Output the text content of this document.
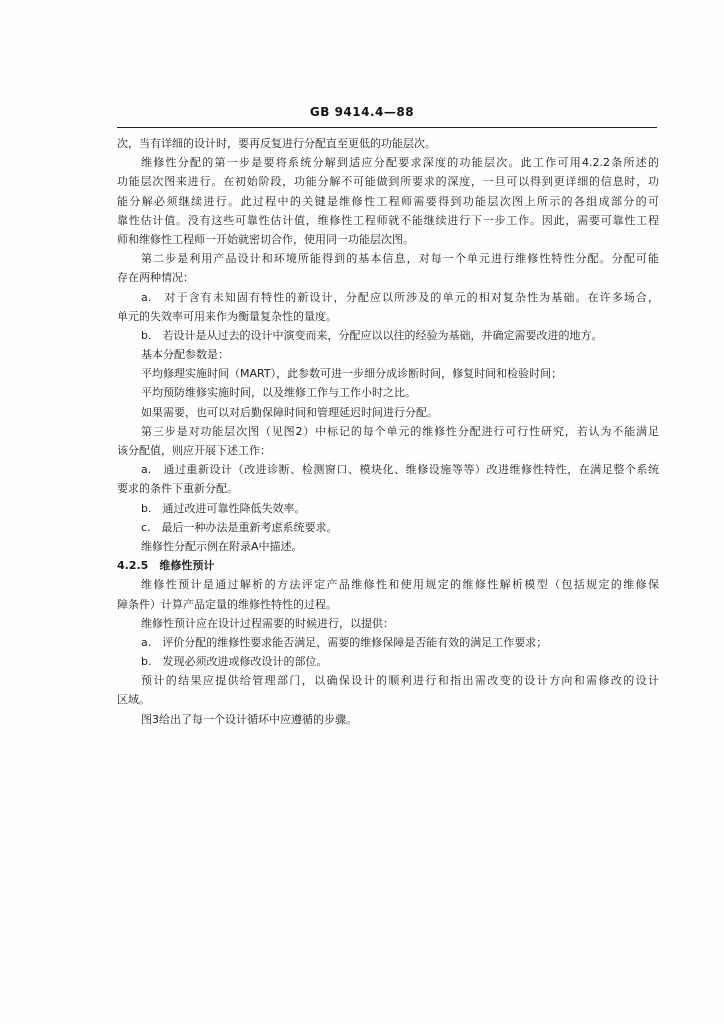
GB 9414.4—88
次，当有详细的设计时，要再反复进行分配直至更低的功能层次。
维修性分配的第一步是要将系统分解到适应分配要求深度的功能层次。此工作可用4.2.2条所述的
功能层次图来进行。在初始阶段，功能分解不可能做到所要求的深度，一旦可以得到更详细的信息时，功
能分解必须继续进行。此过程中的关键是维修性工程师需要得到功能层次图上所示的各组成部分的可
靠性估计值。没有这些可靠性估计值，维修性工程师就不能继续进行下一步工作。因此，需要可靠性工程
师和维修性工程师一开始就密切合作，使用同一功能层次图。
第二步是利用产品设计和环境所能得到的基本信息，对每一个单元进行维修性特性分配。分配可能
存在两种情况：
a.　对于含有未知固有特性的新设计，分配应以所涉及的单元的相对复杂性为基础。在许多场合，
单元的失效率可用来作为衡量复杂性的量度。
b.　若设计是从过去的设计中演变而来，分配应以以往的经验为基础，并确定需要改进的地方。
基本分配参数是：
平均修理实施时间（MART），此参数可进一步细分成诊断时间，修复时间和检验时间；
平均预防维修实施时间，以及维修工作与工作小时之比。
如果需要，也可以对后勤保障时间和管理延迟时间进行分配。
第三步是对功能层次图（见图2）中标记的每个单元的维修性分配进行可行性研究，若认为不能满足
该分配值，则应开展下述工作：
a.　通过重新设计（改进诊断、检测窗口、模块化、维修设施等等）改进维修性特性，在满足整个系统
要求的条件下重新分配。
b.　通过改进可靠性降低失效率。
c.　最后一种办法是重新考虑系统要求。
维修性分配示例在附录A中描述。
4.2.5　维修性预计
维修性预计是通过解析的方法评定产品维修性和使用规定的维修性解析模型（包括规定的维修保
障条件）计算产品定量的维修性特性的过程。
维修性预计应在设计过程需要的时候进行，以提供：
a.　评价分配的维修性要求能否满足，需要的维修保障是否能有效的满足工作要求；
b.　发现必须改进或修改设计的部位。
预计的结果应提供给管理部门，以确保设计的顺利进行和指出需改变的设计方向和需修改的设计
区域。
图3给出了每一个设计循环中应遵循的步骤。
